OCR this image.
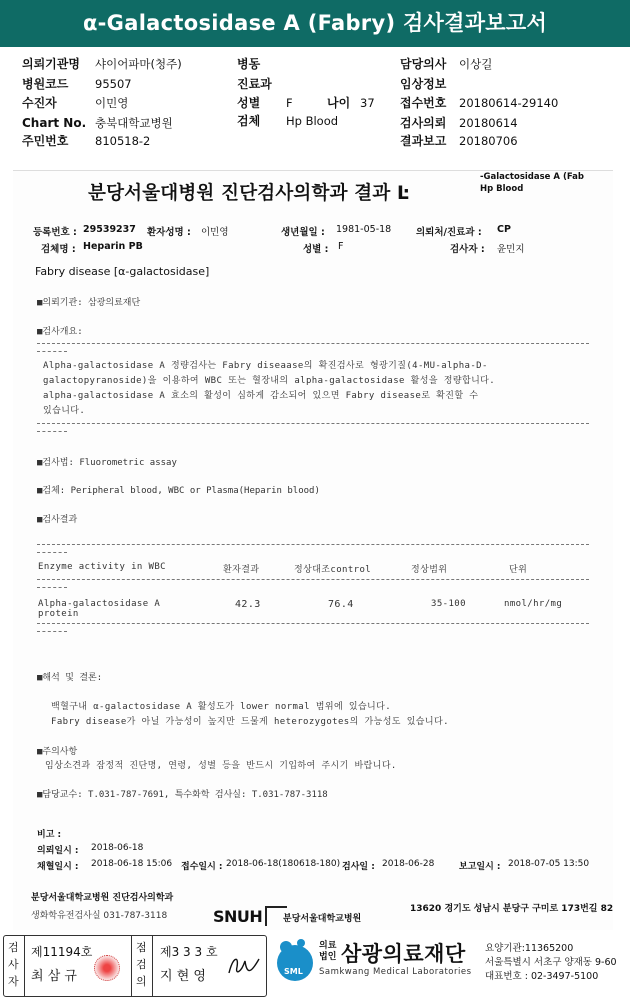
α-Galactosidase A (Fabry) 검사결과보고서
의뢰기관명 샤이어파마(청주)	병동	담당의사 이상길
병원코드 95507	진료과	임상정보
수진자	이민영	성별 F	나이 37 접수번호 20180614-29140
Chart No. 충북대학교병원	검체 Hp Blood	검사의뢰 20180614
주민번호 810518-2	결과보고 20180706
분당서울대병원 진단검사의학과 결과 Ŀ
-Galactosidase A (Fab
Hp Blood
등록번호 : 29539237 환자성명 : 이민영	생년월일 : 1981-05-18	의뢰처/진료과 : CP
검체명 : Heparin PB	성별 : F	검사자 : 윤민지
Fabry disease [α-galactosidase]
■의뢰기관: 삼광의료재단
■검사개요:
Alpha-galactosidase A 정량검사는 Fabry diseaase의 확진검사로 형광기질(4-MU-alpha-D-
galactopyranoside)을 이용하여 WBC 또는 혈장내의 alpha-galactosidase 활성을 정량합니다.
alpha-galactosidase A 효소의 활성이 심하게 감소되어 있으면 Fabry disease로 확진할 수
있습니다.
■검사법: Fluorometric assay
■검체: Peripheral blood, WBC or Plasma(Heparin blood)
■검사결과
Enzyme activity in WBC	환자결과	정상대조control	정상범위	단위
Alpha-galactosidase A
protein
42.3	76.4	35-100	nmol/hr/mg
■해석 및 결론:
백혈구내 α-galactosidase A 활성도가 lower normal 범위에 있습니다.
Fabry disease가 아닐 가능성이 높지만 드물게 heterozygotes의 가능성도 있습니다.
■주의사항
임상소견과 잠정적 진단명, 연령, 성별 등을 반드시 기입하여 주시기 바랍니다.
■담당교수: T.031-787-7691, 특수화학 검사실: T.031-787-3118
비고 :
의뢰일시 : 2018-06-18
채혈일시 : 2018-06-18 15:06 접수일시 : 2018-06-18(180618-180) 검사일 : 2018-06-28	보고일시 : 2018-07-05 13:50
분당서울대학교병원 진단검사의학과
생화학유전검사실 031-787-3118	SNUH 분당서울대학교병원
13620 경기도 성남시 분당구 구미로 173번길 82
검
사
자
제11194호
최 삼 규
점
검
의
제3 3 3 호
지 현 영	SML
의료
법인 삼광의료재단
Samkwang Medical Laboratories
요양기관:11365200
서울특별시 서초구 양재동 9-60
대표번호 : 02-3497-5100
